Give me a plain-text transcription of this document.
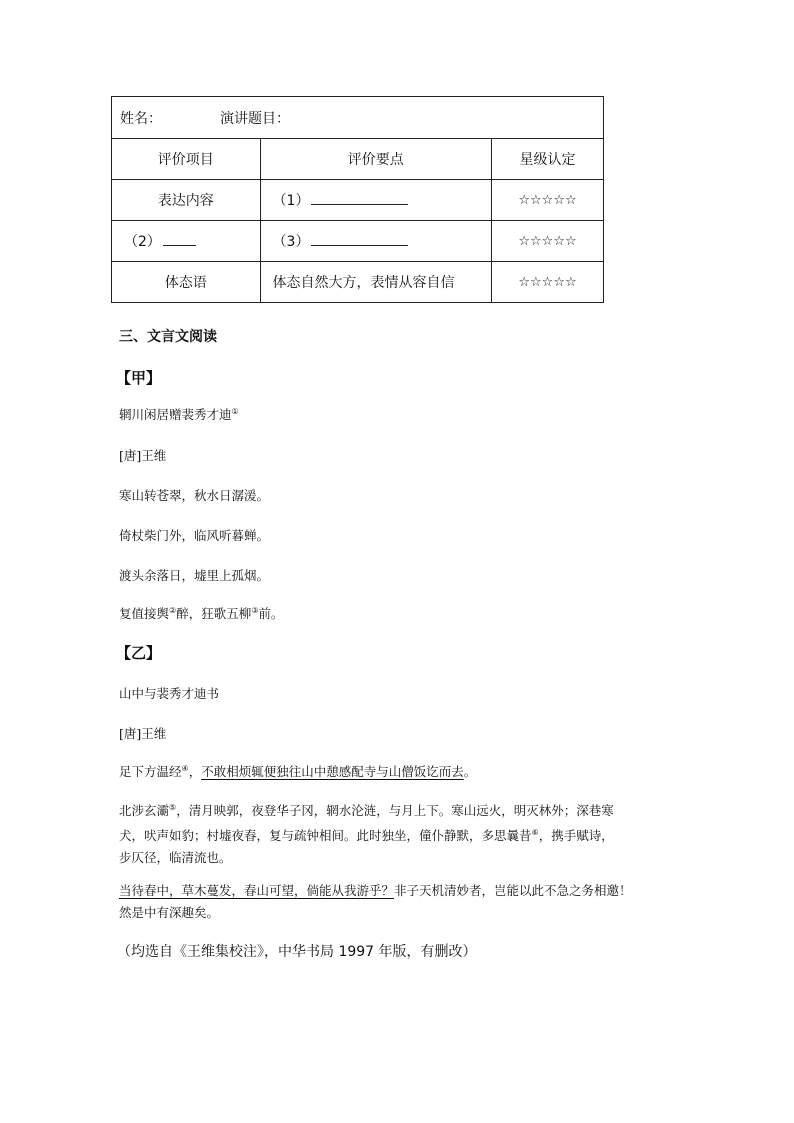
姓名： 演讲题目：		
评价项目	评价要点	星级认定
表达内容	（1）	☆☆☆☆☆
（2）	（3）	☆☆☆☆☆
体态语	体态自然大方，表情从容自信	☆☆☆☆☆
三、文言文阅读
【甲】
辋川闲居赠裴秀才迪①
[唐]王维
寒山转苍翠，秋水日潺湲。
倚杖柴门外，临风听暮蝉。
渡头余落日，墟里上孤烟。
复值接舆②醉，狂歌五柳③前。
【乙】
山中与裴秀才迪书
[唐]王维
足下方温经④，不敢相烦辄便独往山中憩感配寺与山僧饭讫而去。
北涉玄灞⑤，清月映郭，夜登华子冈，辋水沦涟，与月上下。寒山远火，明灭林外；深巷寒
犬，吠声如豹；村墟夜舂，复与疏钟相间。此时独坐，僮仆静默，多思曩昔⑥，携手赋诗，
步仄径，临清流也。
当待春中，草木蔓发，春山可望，倘能从我游乎？非子天机清妙者，岂能以此不急之务相邀！
然是中有深趣矣。
（均选自《王维集校注》，中华书局 1997 年版，有删改）
